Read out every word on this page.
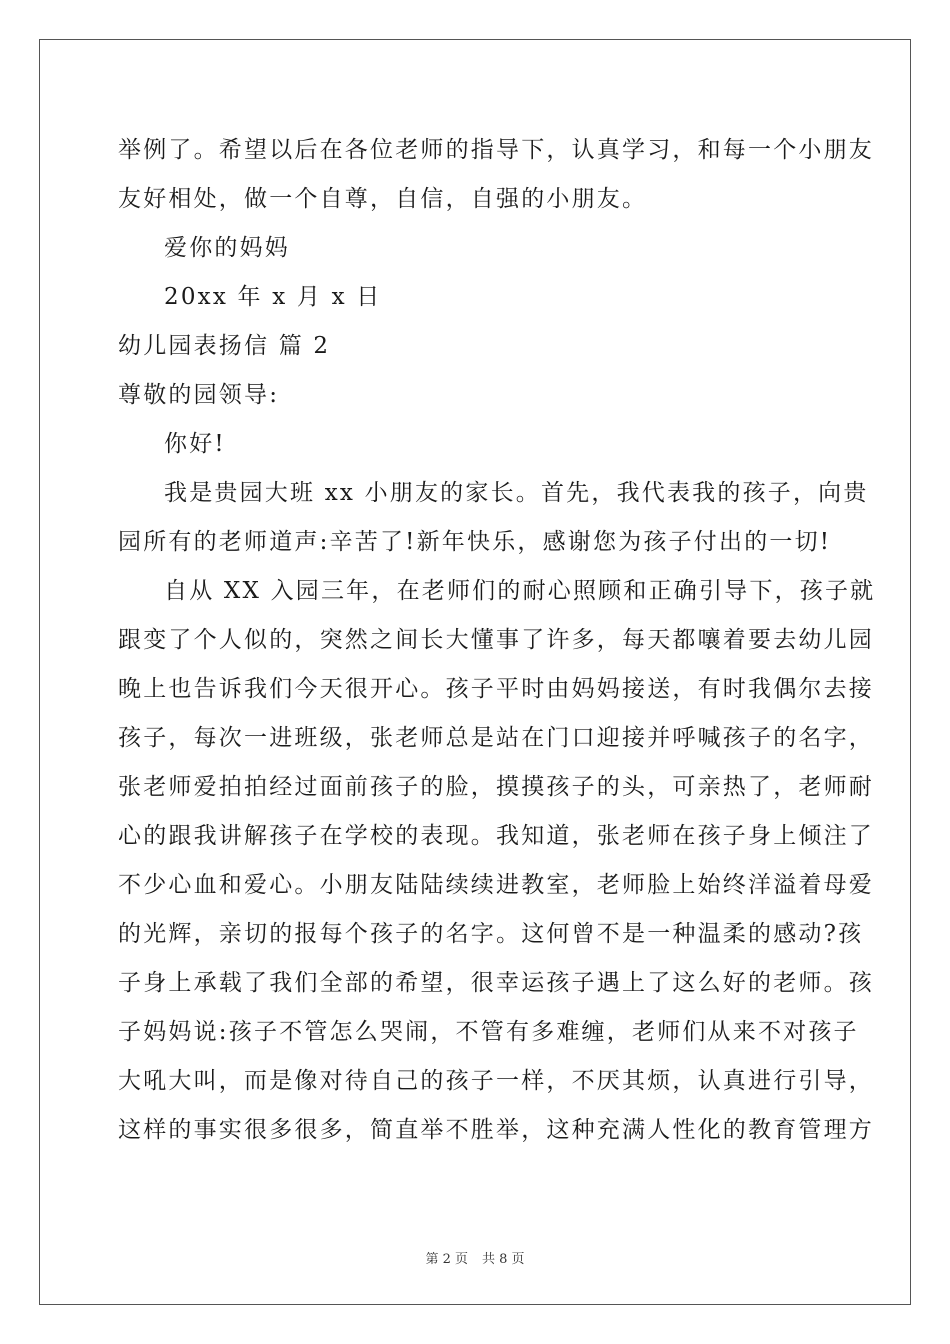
举例了。希望以后在各位老师的指导下，认真学习，和每一个小朋友
友好相处，做一个自尊，自信，自强的小朋友。
爱你的妈妈
20xx 年 x 月 x 日
幼儿园表扬信 篇 2
尊敬的园领导:
你好!
我是贵园大班 xx 小朋友的家长。首先，我代表我的孩子，向贵
园所有的老师道声:辛苦了!新年快乐，感谢您为孩子付出的一切!
自从 XX 入园三年，在老师们的耐心照顾和正确引导下，孩子就
跟变了个人似的，突然之间长大懂事了许多，每天都嚷着要去幼儿园
晚上也告诉我们今天很开心。孩子平时由妈妈接送，有时我偶尔去接
孩子，每次一进班级，张老师总是站在门口迎接并呼喊孩子的名字，
张老师爱拍拍经过面前孩子的脸，摸摸孩子的头，可亲热了，老师耐
心的跟我讲解孩子在学校的表现。我知道，张老师在孩子身上倾注了
不少心血和爱心。小朋友陆陆续续进教室，老师脸上始终洋溢着母爱
的光辉，亲切的报每个孩子的名字。这何曾不是一种温柔的感动?孩
子身上承载了我们全部的希望，很幸运孩子遇上了这么好的老师。孩
子妈妈说:孩子不管怎么哭闹，不管有多难缠，老师们从来不对孩子
大吼大叫，而是像对待自己的孩子一样，不厌其烦，认真进行引导，
这样的事实很多很多，简直举不胜举，这种充满人性化的教育管理方
第 2 页 共 8 页
